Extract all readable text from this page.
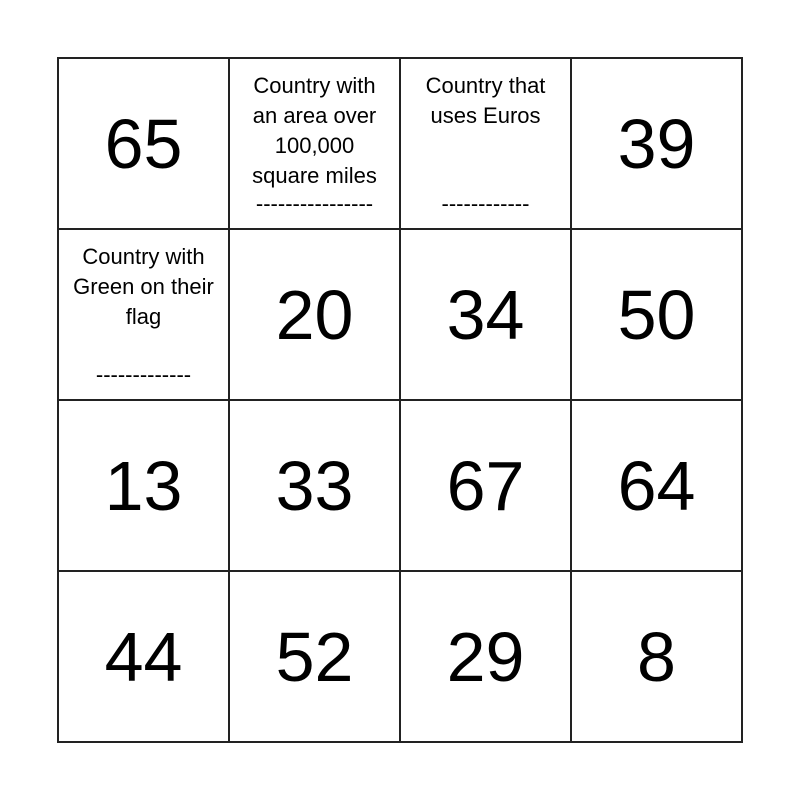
65
Country with an area over 100,000 square miles
----------------
Country that uses Euros
------------
39
Country with Green on their flag
-------------
20 34 50
13 33 67 64
44 52 29 8
